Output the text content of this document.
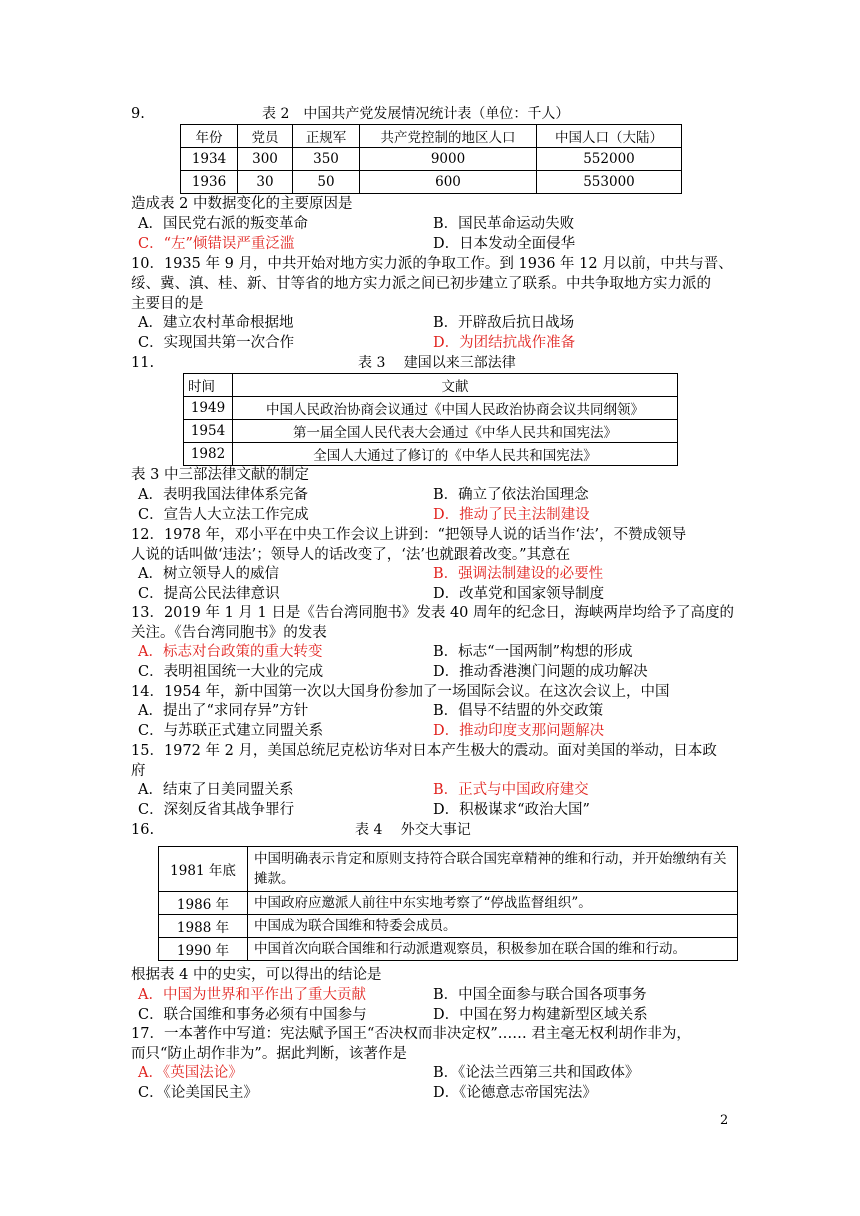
9.	表 2　中国共产党发展情况统计表（单位：千人）
年份	党员	正规军	共产党控制的地区人口	中国人口（大陆）
1934	300	350	9000	552000
1936	30	50	600	553000
造成表 2 中数据变化的主要原因是
A．国民党右派的叛变革命	B．国民革命运动失败
C．“左”倾错误严重泛滥	D．日本发动全面侵华
10．1935 年 9 月，中共开始对地方实力派的争取工作。到 1936 年 12 月以前，中共与晋、
绥、冀、滇、桂、新、甘等省的地方实力派之间已初步建立了联系。中共争取地方实力派的
主要目的是
A．建立农村革命根据地	B．开辟敌后抗日战场
C．实现国共第一次合作	D．为团结抗战作准备
11.	表 3　 建国以来三部法律
时间	文献
1949	中国人民政治协商会议通过《中国人民政治协商会议共同纲领》
1954	第一届全国人民代表大会通过《中华人民共和国宪法》
1982	全国人大通过了修订的《中华人民共和国宪法》
表 3 中三部法律文献的制定
A．表明我国法律体系完备	B．确立了依法治国理念
C．宣告人大立法工作完成	D．推动了民主法制建设
12．1978 年，邓小平在中央工作会议上讲到：“把领导人说的话当作‘法’，不赞成领导
人说的话叫做‘违法’；领导人的话改变了，‘法’也就跟着改变。”其意在
A．树立领导人的威信	B．强调法制建设的必要性
C．提高公民法律意识	D．改革党和国家领导制度
13．2019 年 1 月 1 日是《告台湾同胞书》发表 40 周年的纪念日，海峡两岸均给予了高度的
关注。《告台湾同胞书》的发表
A．标志对台政策的重大转变	B．标志“一国两制”构想的形成
C．表明祖国统一大业的完成	D．推动香港澳门问题的成功解决
14．1954 年，新中国第一次以大国身份参加了一场国际会议。在这次会议上，中国
A．提出了“求同存异”方针	B．倡导不结盟的外交政策
C．与苏联正式建立同盟关系	D．推动印度支那问题解决
15．1972 年 2 月，美国总统尼克松访华对日本产生极大的震动。面对美国的举动，日本政
府
A．结束了日美同盟关系	B．正式与中国政府建交
C．深刻反省其战争罪行	D．积极谋求“政治大国”
16.	表 4　 外交大事记
1981 年底	中国明确表示肯定和原则支持符合联合国宪章精神的维和行动，并开始缴纳有关摊款。
1986 年	中国政府应邀派人前往中东实地考察了“停战监督组织”。
1988 年	中国成为联合国维和特委会成员。
1990 年	中国首次向联合国维和行动派遣观察员，积极参加在联合国的维和行动。
根据表 4 中的史实，可以得出的结论是
A．中国为世界和平作出了重大贡献	B．中国全面参与联合国各项事务
C．联合国维和事务必须有中国参与	D．中国在努力构建新型区域关系
17．一本著作中写道：宪法赋予国王“否决权而非决定权”…… 君主毫无权利胡作非为，
而只“防止胡作非为”。据此判断，该著作是
A．《英国法论》	B．《论法兰西第三共和国政体》
C．《论美国民主》	D．《论德意志帝国宪法》
2
